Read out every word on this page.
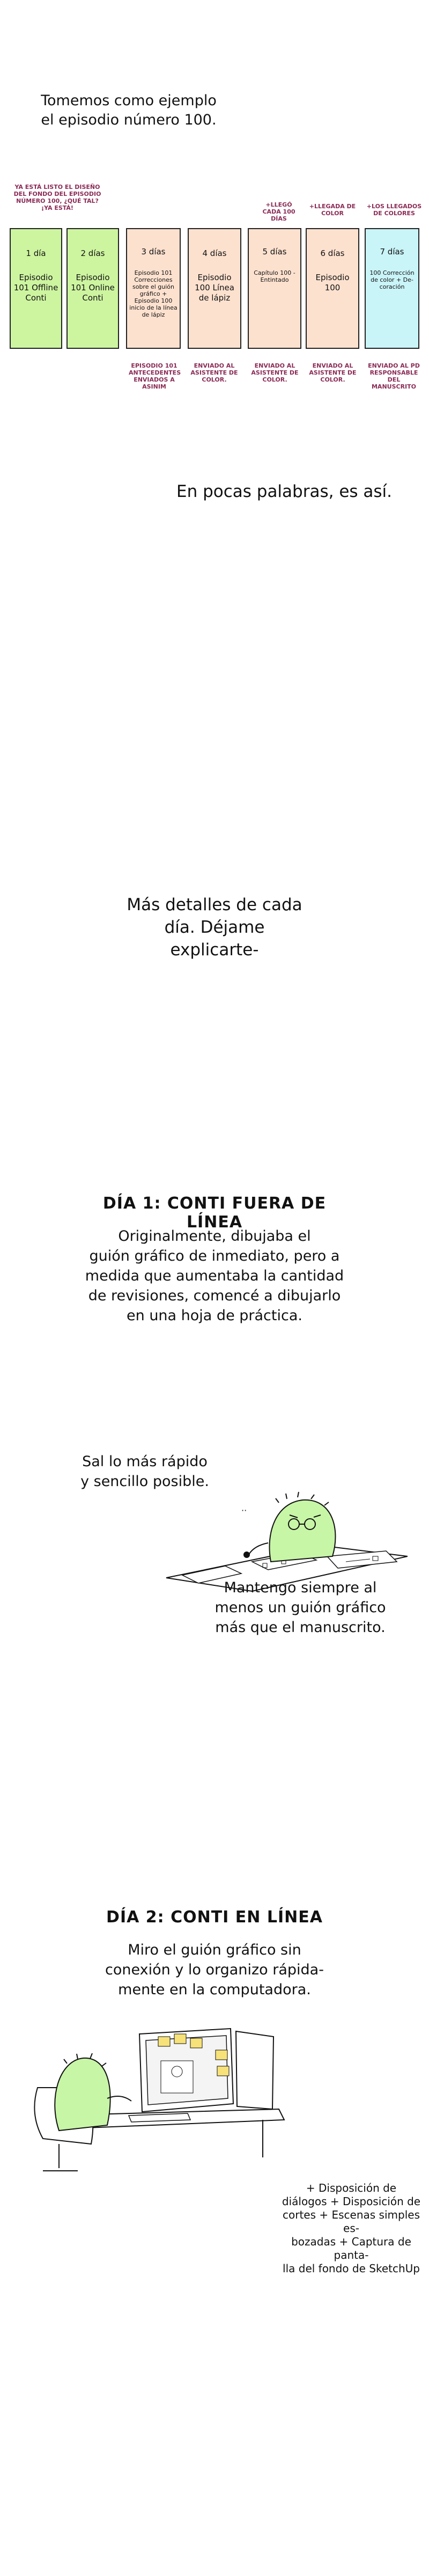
Tomemos como ejemplo
el episodio número 100.
YA ESTÁ LISTO EL DISEÑO DEL FONDO DEL EPISODIO NÚMERO 100, ¿QUÉ TAL? ¡YA ESTÁ!	+LLEGÓ CADA 100 DÍAS
+LLEGADA DE COLOR
+LOS LLEGADOS DE COLORES
1 día
Episodio 101 Offline Conti
2 días
Episodio 101 Online Conti
3 días
Episodio 101 Correcciones sobre el guión gráfico + Episodio 100 inicio de la línea de lápiz
4 días
Episodio 100 Línea de lápiz
5 días
Capítulo 100 - Entintado
6 días
Episodio 100
7 días
100 Corrección de color + De-coración
EPISODIO 101 ANTECEDENTES ENVIADOS A ASINIM
ENVIADO AL ASISTENTE DE COLOR.
ENVIADO AL ASISTENTE DE COLOR.
ENVIADO AL ASISTENTE DE COLOR.
ENVIADO AL PD RESPONSABLE DEL MANUSCRITO
En pocas palabras, es así.
Más detalles de cada
día. Déjame explicarte-
DÍA 1: CONTI FUERA DE LÍNEA
Originalmente, dibujaba el
guión gráfico de inmediato, pero a
medida que aumentaba la cantidad
de revisiones, comencé a dibujarlo
en una hoja de práctica.
Sal lo más rápido
y sencillo posible.
··
Mantengo siempre al
menos un guión gráfico
más que el manuscrito.
DÍA 2: CONTI EN LÍNEA
Miro el guión gráfico sin
conexión y lo organizo rápida-
mente en la computadora.
+ Disposición de
diálogos + Disposición de
cortes + Escenas simples es-
bozadas + Captura de panta-
lla del fondo de SketchUp
